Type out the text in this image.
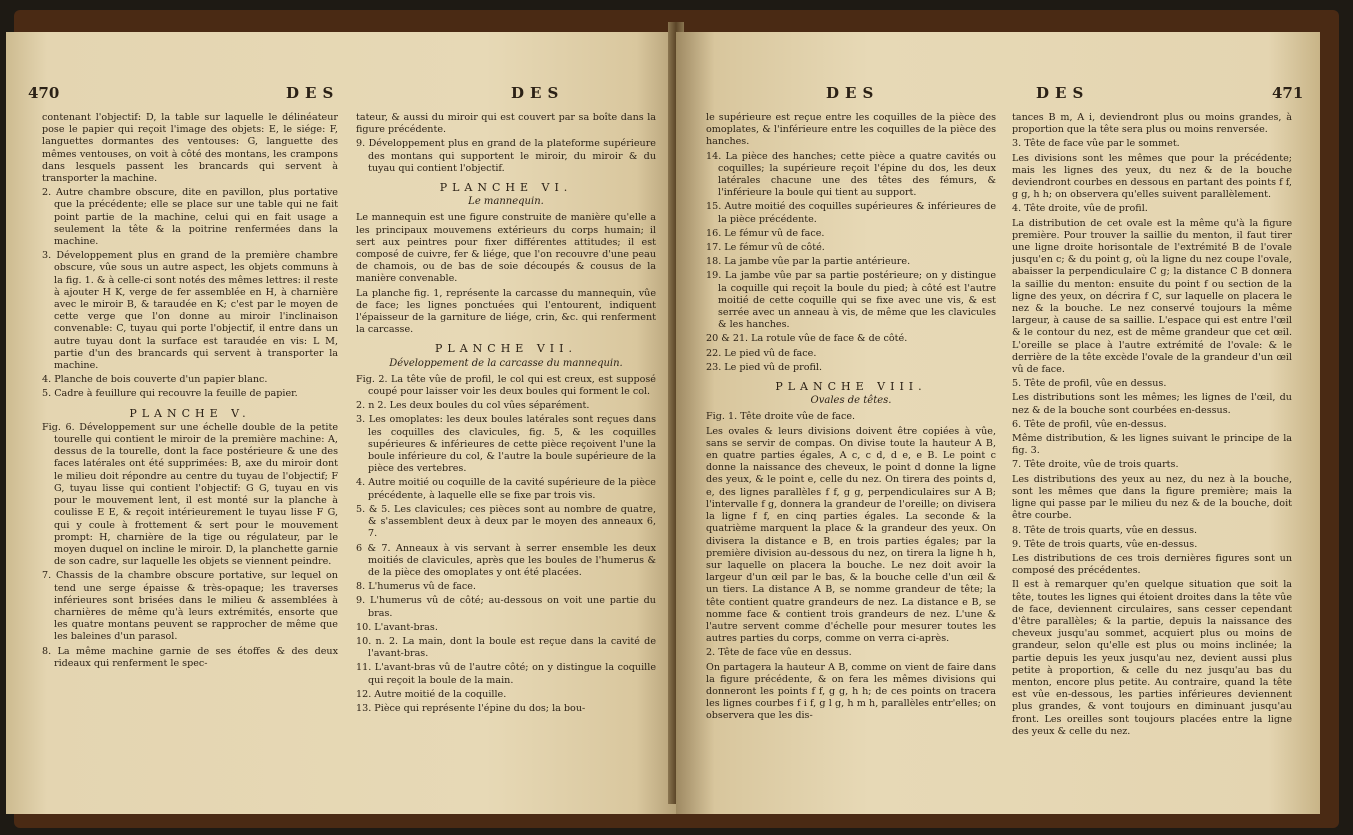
470	DES	DES

contenant l'objectif: D, la table sur laquelle le délinéateur pose le papier qui reçoit l'image des objets: E, le siége: F, languettes dormantes des ventouses: G, languette des mêmes ventouses, on voit à côté des montans, les crampons dans lesquels passent les brancards qui servent à transporter la machine.

2. Autre chambre obscure, dite en pavillon, plus portative que la précédente; elle se place sur une table qui ne fait point partie de la machine, celui qui en fait usage a seulement la tête & la poitrine renfermées dans la machine.

3. Développement plus en grand de la première chambre obscure, vûe sous un autre aspect, les objets communs à la fig. 1. & à celle-ci sont notés des mêmes lettres: il reste à ajouter H K, verge de fer assemblée en H, à charnière avec le miroir B, & taraudée en K; c'est par le moyen de cette verge que l'on donne au miroir l'inclinaison convenable: C, tuyau qui porte l'objectif, il entre dans un autre tuyau dont la surface est taraudée en vis: L M, partie d'un des brancards qui servent à transporter la machine.

4. Planche de bois couverte d'un papier blanc.

5. Cadre à feuillure qui recouvre la feuille de papier.

PLANCHE V.

Fig. 6. Développement sur une échelle double de la petite tourelle qui contient le miroir de la première machine: A, dessus de la tourelle, dont la face postérieure & une des faces latérales ont été supprimées: B, axe du miroir dont le milieu doit répondre au centre du tuyau de l'objectif; F G, tuyau lisse qui contient l'objectif: G G, tuyau en vis pour le mouvement lent, il est monté sur la planche à coulisse E E, & reçoit intérieurement le tuyau lisse F G, qui y coule à frottement & sert pour le mouvement prompt: H, charnière de la tige ou régulateur, par le moyen duquel on incline le miroir. D, la planchette garnie de son cadre, sur laquelle les objets se viennent peindre.

7. Chassis de la chambre obscure portative, sur lequel on tend une serge épaisse & très-opaque; les traverses inférieures sont brisées dans le milieu & assemblées à charnières de même qu'à leurs extrémités, ensorte que les quatre montans peuvent se rapprocher de même que les baleines d'un parasol.

8. La même machine garnie de ses étoffes & des deux rideaux qui renferment le spec-

tateur, & aussi du miroir qui est couvert par sa boîte dans la figure précédente.

9. Développement plus en grand de la plateforme supérieure des montans qui supportent le miroir, du miroir & du tuyau qui contient l'objectif.

PLANCHE VI.
Le mannequin.

Le mannequin est une figure construite de manière qu'elle a les principaux mouvemens extérieurs du corps humain; il sert aux peintres pour fixer différentes attitudes; il est composé de cuivre, fer & liége, que l'on recouvre d'une peau de chamois, ou de bas de soie découpés & cousus de la manière convenable.

La planche fig. 1, représente la carcasse du mannequin, vûe de face; les lignes ponctuées qui l'entourent, indiquent l'épaisseur de la garniture de liége, crin, &c. qui renferment la carcasse.

PLANCHE VII.
Développement de la carcasse du mannequin.

Fig. 2. La tête vûe de profil, le col qui est creux, est supposé coupé pour laisser voir les deux boules qui forment le col.

2. n 2. Les deux boules du col vûes séparément.

3. Les omoplates: les deux boules latérales sont reçues dans les coquilles des clavicules, fig. 5, & les coquilles supérieures & inférieures de cette pièce reçoivent l'une la boule inférieure du col, & l'autre la boule supérieure de la pièce des vertebres.

4. Autre moitié ou coquille de la cavité supérieure de la pièce précédente, à laquelle elle se fixe par trois vis.

5. & 5. Les clavicules; ces pièces sont au nombre de quatre, & s'assemblent deux à deux par le moyen des anneaux 6, 7.

6 & 7. Anneaux à vis servant à serrer ensemble les deux moitiés de clavicules, après que les boules de l'humerus & de la pièce des omoplates y ont été placées.

8. L'humerus vû de face.

9. L'humerus vû de côté; au-dessous on voit une partie du bras.

10. L'avant-bras.

10. n. 2. La main, dont la boule est reçue dans la cavité de l'avant-bras.

11. L'avant-bras vû de l'autre côté; on y distingue la coquille qui reçoit la boule de la main.

12. Autre moitié de la coquille.

13. Pièce qui représente l'épine du dos; la bou-

DES	DES	471

le supérieure est reçue entre les coquilles de la pièce des omoplates, & l'inférieure entre les coquilles de la pièce des hanches.

14. La pièce des hanches; cette pièce a quatre cavités ou coquilles; la supérieure reçoit l'épine du dos, les deux latérales chacune une des têtes des fémurs, & l'inférieure la boule qui tient au support.

15. Autre moitié des coquilles supérieures & inférieures de la pièce précédente.

16. Le fémur vû de face.

17. Le fémur vû de côté.

18. La jambe vûe par la partie antérieure.

19. La jambe vûe par sa partie postérieure; on y distingue la coquille qui reçoit la boule du pied; à côté est l'autre moitié de cette coquille qui se fixe avec une vis, & est serrée avec un anneau à vis, de même que les clavicules & les hanches.

20 & 21. La rotule vûe de face & de côté.

22. Le pied vû de face.

23. Le pied vû de profil.

PLANCHE VIII.
Ovales de têtes.

Fig. 1. Tête droite vûe de face.

Les ovales & leurs divisions doivent être copiées à vûe, sans se servir de compas. On divise toute la hauteur A B, en quatre parties égales, A c, c d, d e, e B. Le point c donne la naissance des cheveux, le point d donne la ligne des yeux, & le point e, celle du nez. On tirera des points d, e, des lignes parallèles f f, g g, perpendiculaires sur A B; l'intervalle f g, donnera la grandeur de l'oreille; on divisera la ligne f f, en cinq parties égales. La seconde & la quatrième marquent la place & la grandeur des yeux. On divisera la distance e B, en trois parties égales; par la première division au-dessous du nez, on tirera la ligne h h, sur laquelle on placera la bouche. Le nez doit avoir la largeur d'un œil par le bas, & la bouche celle d'un œil & un tiers. La distance A B, se nomme grandeur de tête; la tête contient quatre grandeurs de nez. La distance e B, se nomme face & contient trois grandeurs de nez. L'une & l'autre servent comme d'échelle pour mesurer toutes les autres parties du corps, comme on verra ci-après.

2. Tête de face vûe en dessus.

On partagera la hauteur A B, comme on vient de faire dans la figure précédente, & on fera les mêmes divisions qui donneront les points f f, g g, h h; de ces points on tracera les lignes courbes f i f, g l g, h m h, parallèles entr'elles; on observera que les dis-

tances B m, A i, deviendront plus ou moins grandes, à proportion que la tête sera plus ou moins renversée.

3. Tête de face vûe par le sommet.

Les divisions sont les mêmes que pour la précédente; mais les lignes des yeux, du nez & de la bouche deviendront courbes en dessous en partant des points f f, g g, h h; on observera qu'elles suivent parallèlement.

4. Tête droite, vûe de profil.

La distribution de cet ovale est la même qu'à la figure première. Pour trouver la saillie du menton, il faut tirer une ligne droite horisontale de l'extrémité B de l'ovale jusqu'en c; & du point g, où la ligne du nez coupe l'ovale, abaisser la perpendiculaire C g; la distance C B donnera la saillie du menton: ensuite du point f ou section de la ligne des yeux, on décrira f C, sur laquelle on placera le nez & la bouche. Le nez conservé toujours la même largeur, à cause de sa saillie. L'espace qui est entre l'œil & le contour du nez, est de même grandeur que cet œil. L'oreille se place à l'autre extrémité de l'ovale: & le derrière de la tête excède l'ovale de la grandeur d'un œil vû de face.

5. Tête de profil, vûe en dessus.

Les distributions sont les mêmes; les lignes de l'œil, du nez & de la bouche sont courbées en-dessus.

6. Tête de profil, vûe en-dessus.

Même distribution, & les lignes suivant le principe de la fig. 3.

7. Tête droite, vûe de trois quarts.

Les distributions des yeux au nez, du nez à la bouche, sont les mêmes que dans la figure première; mais la ligne qui passe par le milieu du nez & de la bouche, doit être courbe.

8. Tête de trois quarts, vûe en dessus.

9. Tête de trois quarts, vûe en-dessus.

Les distributions de ces trois dernières figures sont un composé des précédentes.

Il est à remarquer qu'en quelque situation que soit la tête, toutes les lignes qui étoient droites dans la tête vûe de face, deviennent circulaires, sans cesser cependant d'être parallèles; & la partie, depuis la naissance des cheveux jusqu'au sommet, acquiert plus ou moins de grandeur, selon qu'elle est plus ou moins inclinée; la partie depuis les yeux jusqu'au nez, devient aussi plus petite à proportion, & celle du nez jusqu'au bas du menton, encore plus petite. Au contraire, quand la tête est vûe en-dessous, les parties inférieures deviennent plus grandes, & vont toujours en diminuant jusqu'au front. Les oreilles sont toujours placées entre la ligne des yeux & celle du nez.
